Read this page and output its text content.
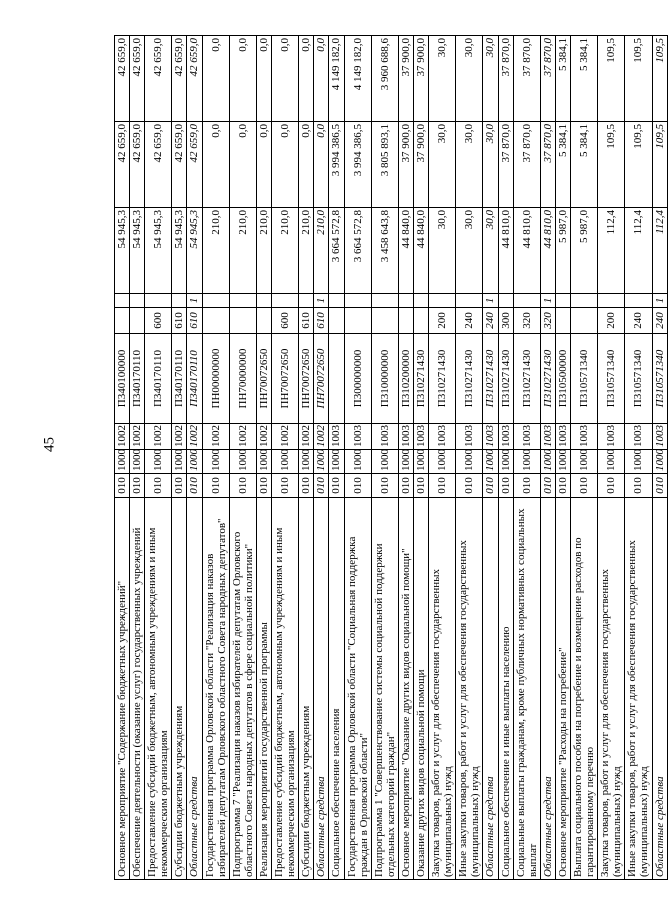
45
Основное мероприятие "Содержание бюджетных учреждений"	010	1000	1002	П340100000			54 945,3	42 659,0	42 659,0
Обеспечение деятельности (оказание услуг) государственных учреждений	010	1000	1002	П340170110			54 945,3	42 659,0	42 659,0
Предоставление субсидий бюджетным, автономным учреждениям и иным некоммерческим организациям	010	1000	1002	П340170110	600		54 945,3	42 659,0	42 659,0
Субсидии бюджетным учреждениям	010	1000	1002	П340170110	610		54 945,3	42 659,0	42 659,0
Областные средства	010	1000	1002	П340170110	610	1	54 945,3	42 659,0	42 659,0
Государственная программа Орловской области "Реализация наказов избирателей депутатам Орловского областного Совета народных депутатов"	010	1000	1002	ПН00000000			210,0	0,0	0,0
Подпрограмма 7 "Реализация наказов избирателей депутатам Орловского областного Совета народных депутатов в сфере социальной политики"	010	1000	1002	ПН70000000			210,0	0,0	0,0
Реализация мероприятий государственной программы	010	1000	1002	ПН70072650			210,0	0,0	0,0
Предоставление субсидий бюджетным, автономным учреждениям и иным некоммерческим организациям	010	1000	1002	ПН70072650	600		210,0	0,0	0,0
Субсидии бюджетным учреждениям	010	1000	1002	ПН70072650	610		210,0	0,0	0,0
Областные средства	010	1000	1002	ПН70072650	610	1	210,0	0,0	0,0
Социальное обеспечение населения	010	1000	1003				3 664 572,8	3 994 386,5	4 149 182,0
Государственная программа Орловской области "Социальная поддержка граждан в Орловской области"	010	1000	1003	П300000000			3 664 572,8	3 994 386,5	4 149 182,0
Подпрограмма 1 "Совершенствование системы социальной поддержки отдельных категорий граждан"	010	1000	1003	П310000000			3 458 643,8	3 805 893,1	3 960 688,6
Основное мероприятие "Оказание других видов социальной помощи"	010	1000	1003	П310200000			44 840,0	37 900,0	37 900,0
Оказание других видов социальной помощи	010	1000	1003	П310271430			44 840,0	37 900,0	37 900,0
Закупка товаров, работ и услуг для обеспечения государственных (муниципальных) нужд	010	1000	1003	П310271430	200		30,0	30,0	30,0
Иные закупки товаров, работ и услуг для обеспечения государственных (муниципальных) нужд	010	1000	1003	П310271430	240		30,0	30,0	30,0
Областные средства	010	1000	1003	П310271430	240	1	30,0	30,0	30,0
Социальное обеспечение и иные выплаты населению	010	1000	1003	П310271430	300		44 810,0	37 870,0	37 870,0
Социальные выплаты гражданам, кроме публичных нормативных социальных выплат	010	1000	1003	П310271430	320		44 810,0	37 870,0	37 870,0
Областные средства	010	1000	1003	П310271430	320	1	44 810,0	37 870,0	37 870,0
Основное мероприятие "Расходы на погребение"	010	1000	1003	П310500000			5 987,0	5 384,1	5 384,1
Выплата социального пособия на погребение и возмещение расходов по гарантированному перечню	010	1000	1003	П310571340			5 987,0	5 384,1	5 384,1
Закупка товаров, работ и услуг для обеспечения государственных (муниципальных) нужд	010	1000	1003	П310571340	200		112,4	109,5	109,5
Иные закупки товаров, работ и услуг для обеспечения государственных (муниципальных) нужд	010	1000	1003	П310571340	240		112,4	109,5	109,5
Областные средства	010	1000	1003	П310571340	240	1	112,4	109,5	109,5
